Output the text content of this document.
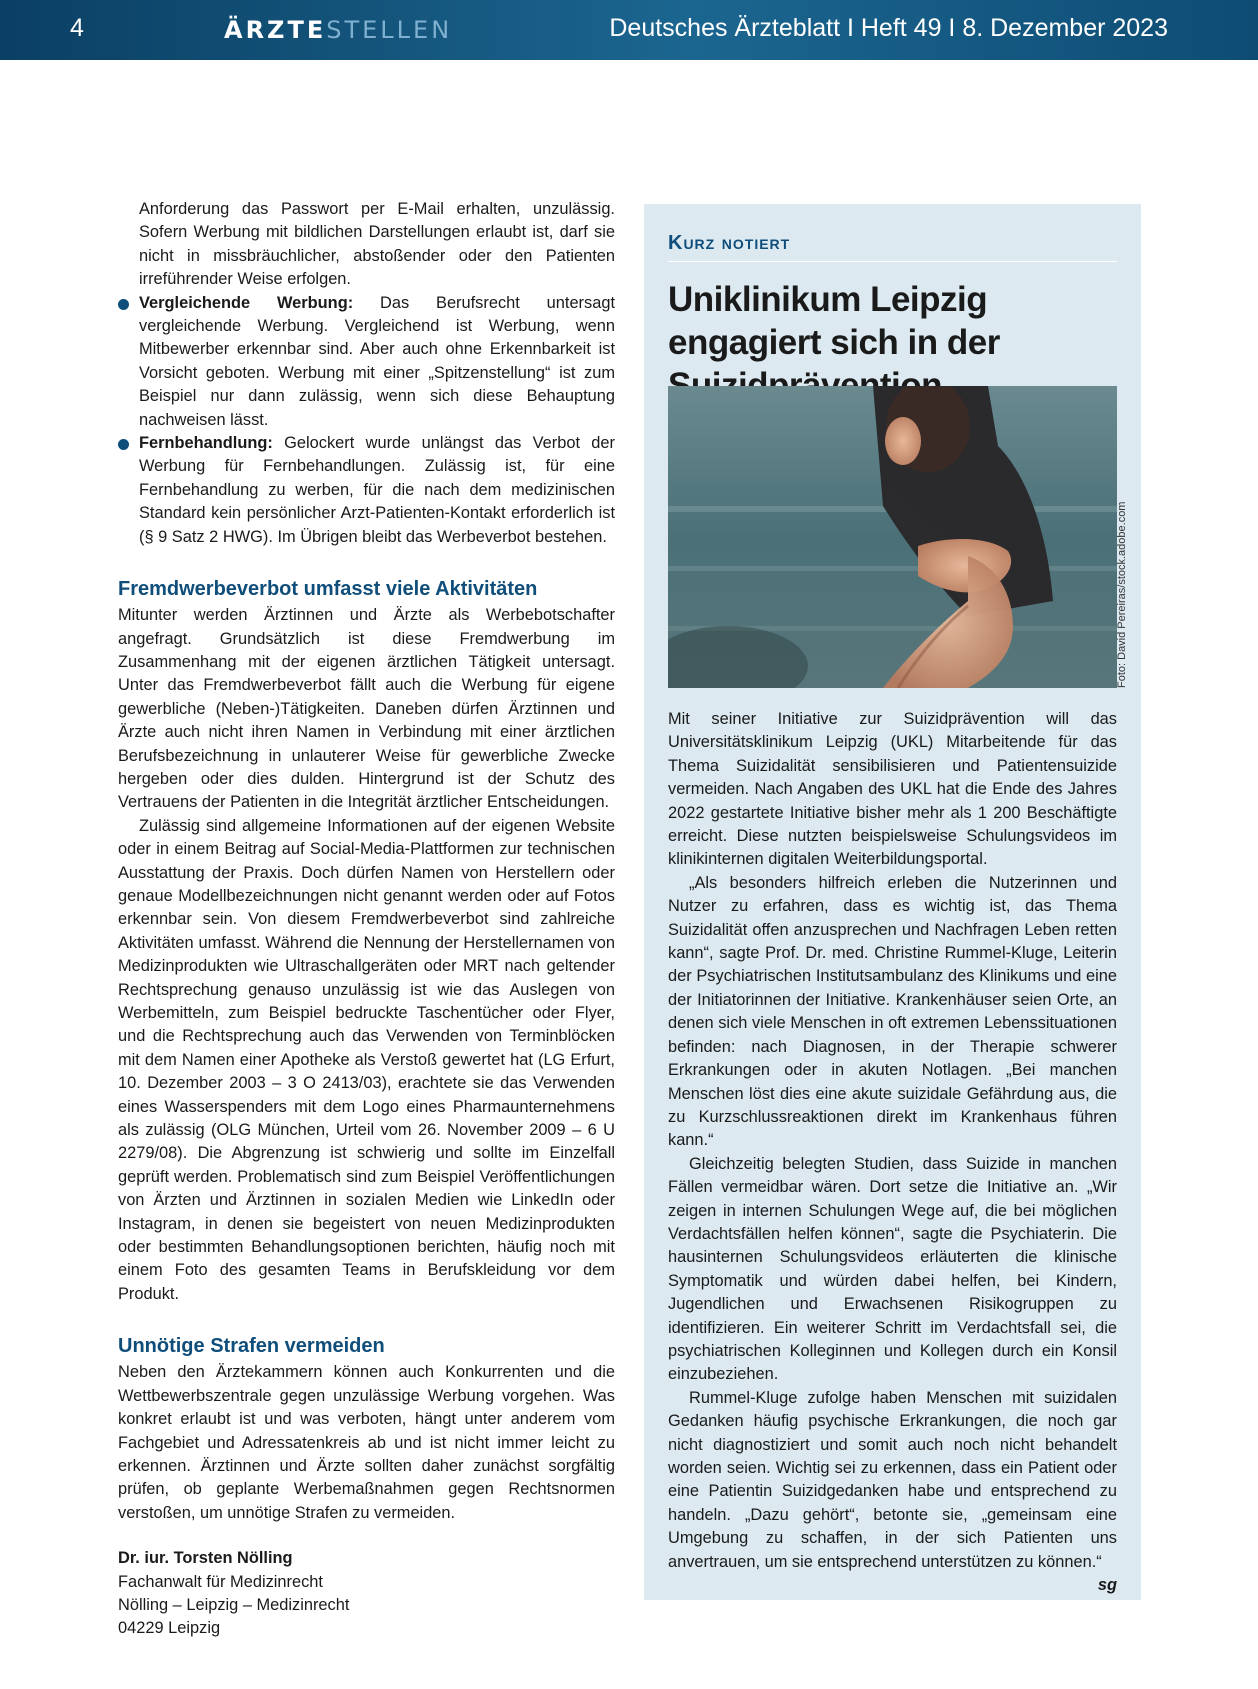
4	ÄRZTESTELLEN	Deutsches Ärzteblatt I Heft 49 I 8. Dezember 2023

Anforderung das Passwort per E-Mail erhalten, unzulässig. Sofern Werbung mit bildlichen Darstellungen erlaubt ist, darf sie nicht in missbräuchlicher, abstoßender oder den Patienten irreführender Weise erfolgen.

Vergleichende Werbung: Das Berufsrecht untersagt vergleichende Werbung. Vergleichend ist Werbung, wenn Mitbewerber erkennbar sind. Aber auch ohne Erkennbarkeit ist Vorsicht geboten. Werbung mit einer „Spitzenstellung“ ist zum Beispiel nur dann zulässig, wenn sich diese Behauptung nachweisen lässt.
Fernbehandlung: Gelockert wurde unlängst das Verbot der Werbung für Fernbehandlungen. Zulässig ist, für eine Fernbehandlung zu werben, für die nach dem medizinischen Standard kein persönlicher Arzt-Patienten-Kontakt erforderlich ist (§ 9 Satz 2 HWG). Im Übrigen bleibt das Werbeverbot bestehen.
Fremdwerbeverbot umfasst viele Aktivitäten

Mitunter werden Ärztinnen und Ärzte als Werbebotschafter angefragt. Grundsätzlich ist diese Fremdwerbung im Zusammenhang mit der eigenen ärztlichen Tätigkeit untersagt. Unter das Fremdwerbeverbot fällt auch die Werbung für eigene gewerbliche (Neben-)Tätigkeiten. Daneben dürfen Ärztinnen und Ärzte auch nicht ihren Namen in Verbindung mit einer ärztlichen Berufsbezeichnung in unlauterer Weise für gewerbliche Zwecke hergeben oder dies dulden. Hintergrund ist der Schutz des Vertrauens der Patienten in die Integrität ärztlicher Entscheidungen.

Zulässig sind allgemeine Informationen auf der eigenen Website oder in einem Beitrag auf Social-Media-Plattformen zur technischen Ausstattung der Praxis. Doch dürfen Namen von Herstellern oder genaue Modellbezeichnungen nicht genannt werden oder auf Fotos erkennbar sein. Von diesem Fremdwerbeverbot sind zahlreiche Aktivitäten umfasst. Während die Nennung der Herstellernamen von Medizinprodukten wie Ultraschallgeräten oder MRT nach geltender Rechtsprechung genauso unzulässig ist wie das Auslegen von Werbemitteln, zum Beispiel bedruckte Taschentücher oder Flyer, und die Rechtsprechung auch das Verwenden von Terminblöcken mit dem Namen einer Apotheke als Verstoß gewertet hat (LG Erfurt, 10. Dezember 2003 – 3 O 2413/03), erachtete sie das Verwenden eines Wasserspenders mit dem Logo eines Pharmaunternehmens als zulässig (OLG München, Urteil vom 26. November 2009 – 6 U 2279/08). Die Abgrenzung ist schwierig und sollte im Einzelfall geprüft werden. Problematisch sind zum Beispiel Veröffentlichungen von Ärzten und Ärztinnen in sozialen Medien wie LinkedIn oder Instagram, in denen sie begeistert von neuen Medizinprodukten oder bestimmten Behandlungsoptionen berichten, häufig noch mit einem Foto des gesamten Teams in Berufskleidung vor dem Produkt.

Unnötige Strafen vermeiden

Neben den Ärztekammern können auch Konkurrenten und die Wettbewerbszentrale gegen unzulässige Werbung vorgehen. Was konkret erlaubt ist und was verboten, hängt unter anderem vom Fachgebiet und Adressatenkreis ab und ist nicht immer leicht zu erkennen. Ärztinnen und Ärzte sollten daher zunächst sorgfältig prüfen, ob geplante Werbemaßnahmen gegen Rechtsnormen verstoßen, um unnötige Strafen zu vermeiden.

Dr. iur. Torsten Nölling
Fachanwalt für Medizinrecht
Nölling – Leipzig – Medizinrecht
04229 Leipzig
Kurz notiert
Uniklinikum Leipzig engagiert sich in der
Foto: David Pereiras/stock.adobe.com

Mit seiner Initiative zur Suizidprävention will das Universitätsklinikum Leipzig (UKL) Mitarbeitende für das Thema Suizidalität sensibilisieren und Patientensuizide vermeiden. Nach Angaben des UKL hat die Ende des Jahres 2022 gestartete Initiative bisher mehr als 1 200 Beschäftigte erreicht. Diese nutzten beispielsweise Schulungsvideos im klinikinternen digitalen Weiterbildungsportal.

„Als besonders hilfreich erleben die Nutzerinnen und Nutzer zu erfahren, dass es wichtig ist, das Thema Suizidalität offen anzusprechen und Nachfragen Leben retten kann“, sagte Prof. Dr. med. Christine Rummel-Kluge, Leiterin der Psychiatrischen Institutsambulanz des Klinikums und eine der Initiatorinnen der Initiative. Krankenhäuser seien Orte, an denen sich viele Menschen in oft extremen Lebenssituationen befinden: nach Diagnosen, in der Therapie schwerer Erkrankungen oder in akuten Notlagen. „Bei manchen Menschen löst dies eine akute suizidale Gefährdung aus, die zu Kurzschlussreaktionen direkt im Krankenhaus führen kann.“

Gleichzeitig belegten Studien, dass Suizide in manchen Fällen vermeidbar wären. Dort setze die Initiative an. „Wir zeigen in internen Schulungen Wege auf, die bei möglichen Verdachtsfällen helfen können“, sagte die Psychiaterin. Die hausinternen Schulungsvideos erläuterten die klinische Symptomatik und würden dabei helfen, bei Kindern, Jugendlichen und Erwachsenen Risikogruppen zu identifizieren. Ein weiterer Schritt im Verdachtsfall sei, die psychiatrischen Kolleginnen und Kollegen durch ein Konsil einzubeziehen.

Rummel-Kluge zufolge haben Menschen mit suizidalen Gedanken häufig psychische Erkrankungen, die noch gar nicht diagnostiziert und somit auch noch nicht behandelt worden seien. Wichtig sei zu erkennen, dass ein Patient oder eine Patientin Suizidgedanken habe und entsprechend zu handeln. „Dazu gehört“, betonte sie, „gemeinsam eine Umgebung zu schaffen, in der sich Patienten uns anvertrauen, um sie entsprechend unterstützen zu können.“
sg
